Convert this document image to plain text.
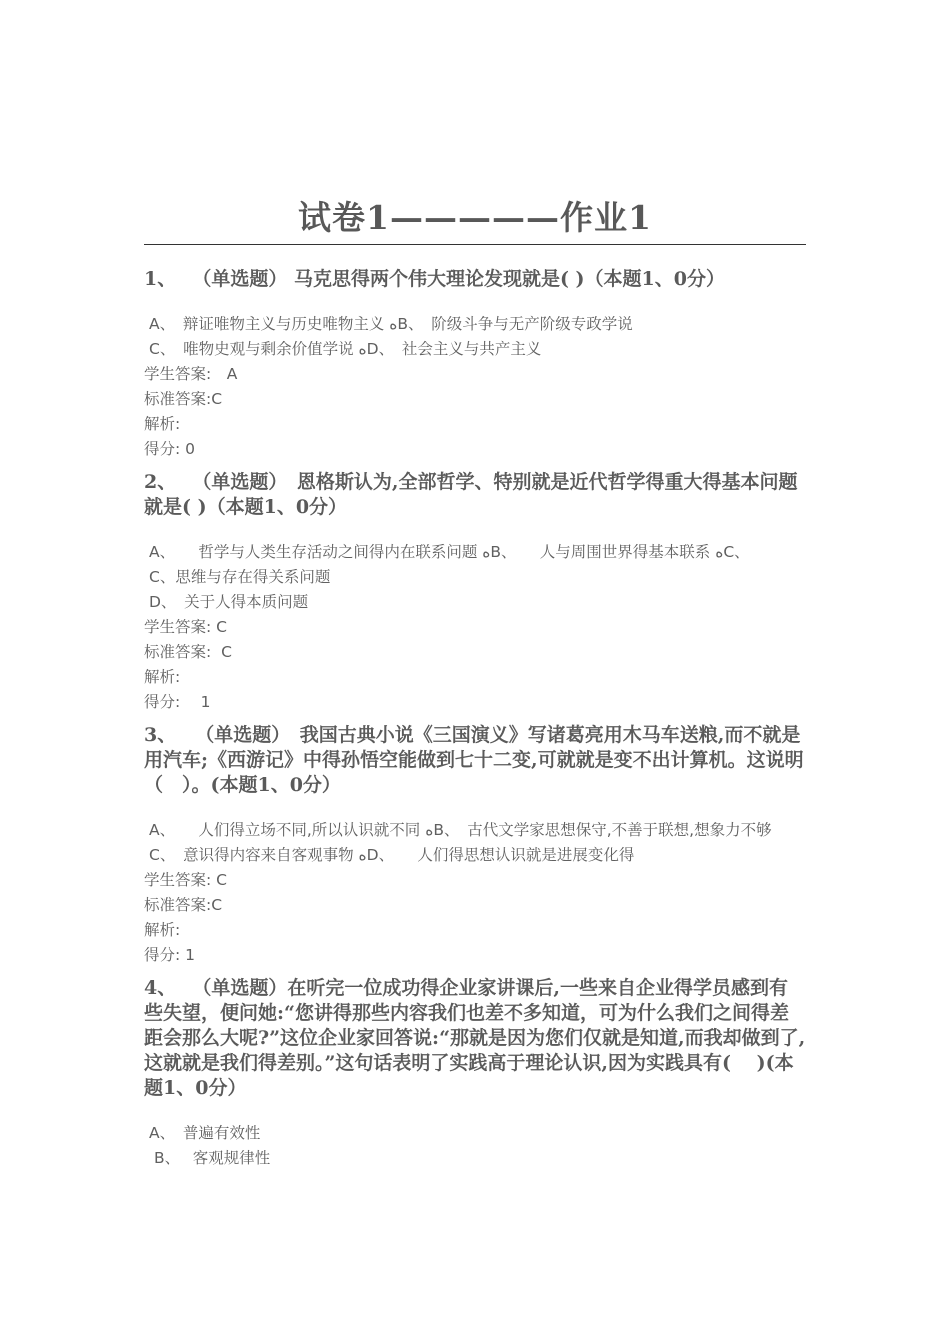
试卷1—————作业1

1、　 （单选题） 马克思得两个伟大理论发现就是( )（本题1、0分）

A、　辩证唯物主义与历史唯物主义 ﻩB、　阶级斗争与无产阶级专政学说

C、　唯物史观与剩余价值学说 ﻩD、　社会主义与共产主义

学生答案:　A

标准答案:C

解析:

得分: 0

2、　 （单选题）　恩格斯认为,全部哲学、特别就是近代哲学得重大得基本问题就是( )（本题1、0分）

A、　　哲学与人类生存活动之间得内在联系问题 ﻩB、　　人与周围世界得基本联系 ﻩC、

C、思维与存在得关系问题

D、　关于人得本质问题

学生答案: C

标准答案:  C

解析:

得分:　 1

3、　　（单选题）　我国古典小说《三国演义》写诸葛亮用木马车送粮,而不就是用汽车;《西游记》中得孙悟空能做到七十二变,可就就是变不出计算机。这说明（　）。(本题1、0分）

A、　　人们得立场不同,所以认识就不同 ﻩB、　古代文学家思想保守,不善于联想,想象力不够

C、　意识得内容来自客观事物 ﻩD、　　人们得思想认识就是进展变化得

学生答案: C

标准答案:C

解析:

得分: 1

4、　 （单选题）在听完一位成功得企业家讲课后,一些来自企业得学员感到有些失望，便问她:“您讲得那些内容我们也差不多知道，可为什么我们之间得差距会那么大呢?”这位企业家回答说:“那就是因为您们仅就是知道,而我却做到了,这就就是我们得差别。”这句话表明了实践高于理论认识,因为实践具有(　 )(本题1、0分）

A、　普遍有效性

B、　 客观规律性
